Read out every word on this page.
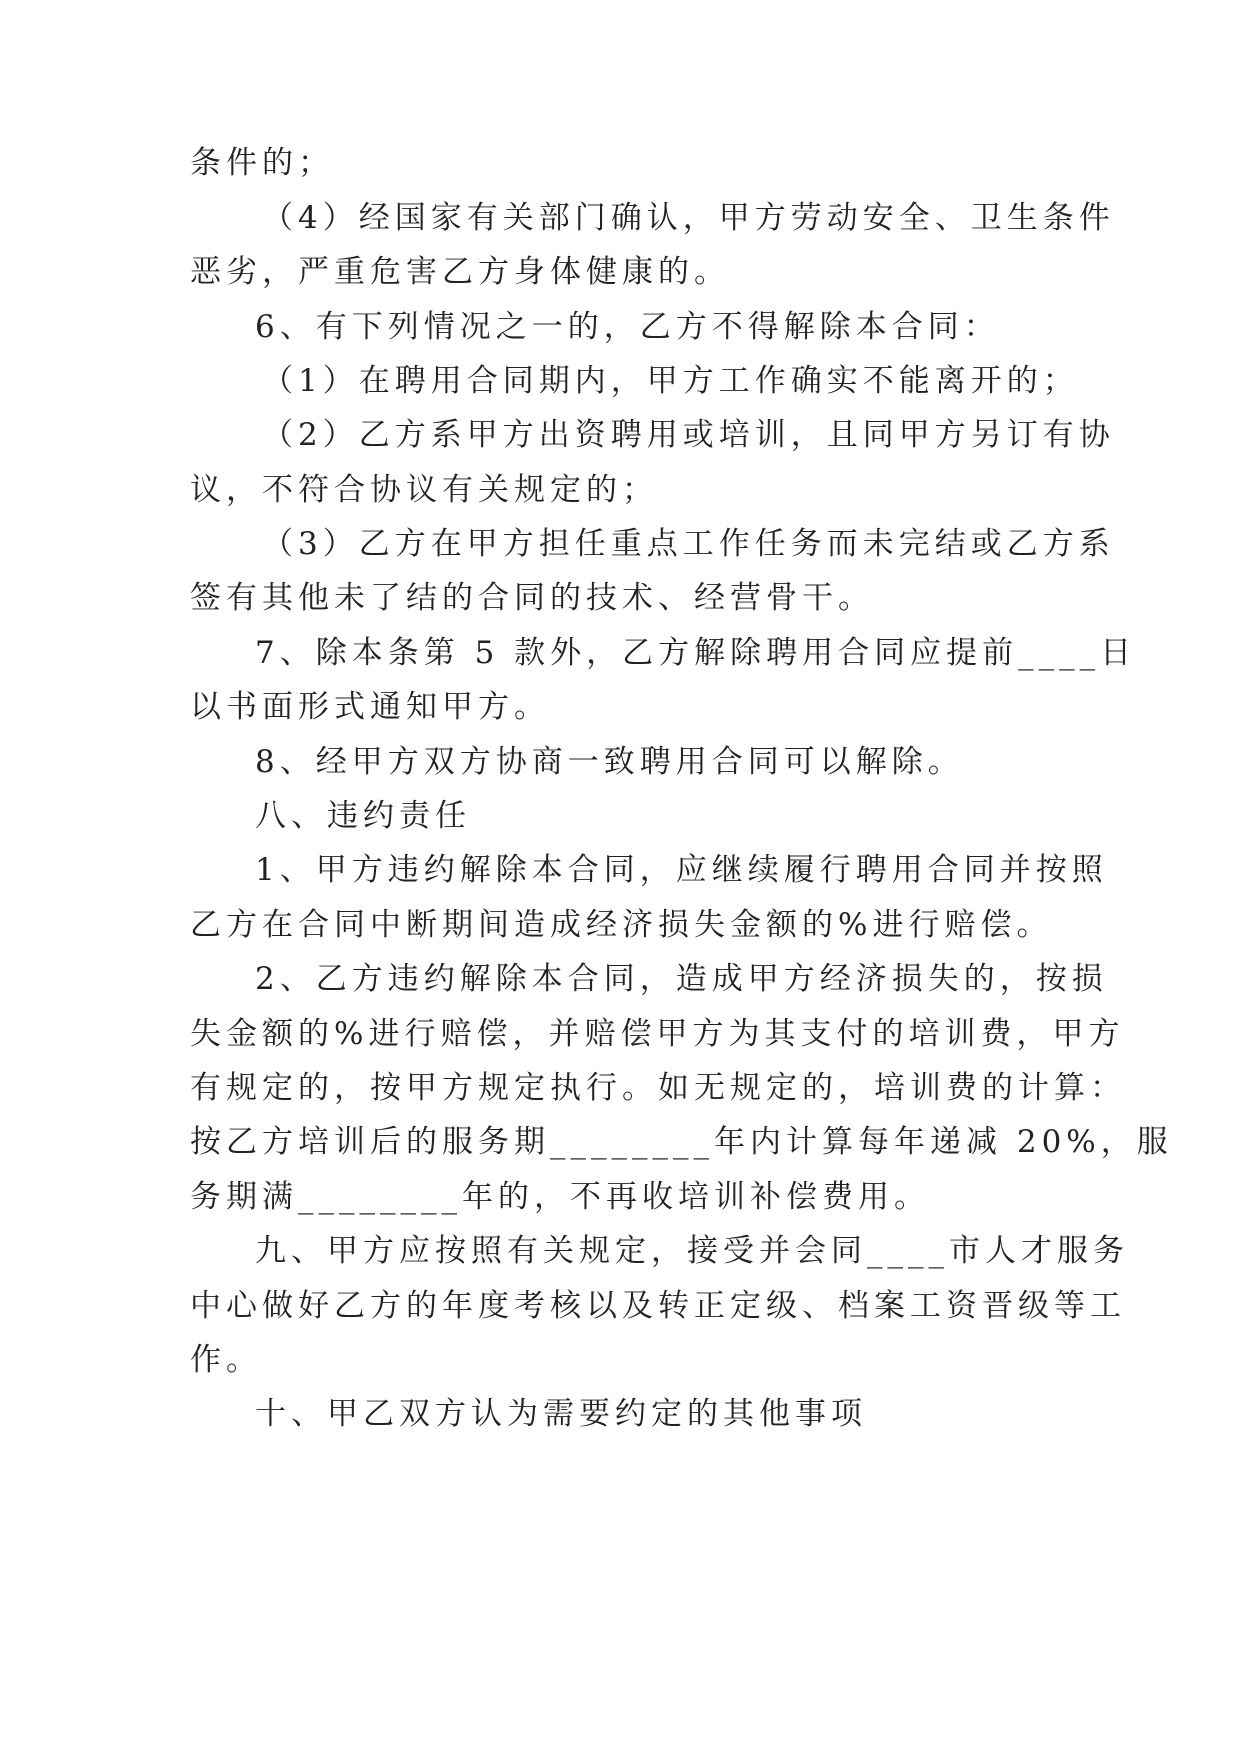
条件的；

（4）经国家有关部门确认，甲方劳动安全、卫生条件

恶劣，严重危害乙方身体健康的。

6、有下列情况之一的，乙方不得解除本合同：

（1）在聘用合同期内，甲方工作确实不能离开的；

（2）乙方系甲方出资聘用或培训，且同甲方另订有协

议，不符合协议有关规定的；

（3）乙方在甲方担任重点工作任务而未完结或乙方系

签有其他未了结的合同的技术、经营骨干。

7、除本条第 5 款外，乙方解除聘用合同应提前____日

以书面形式通知甲方。

8、经甲方双方协商一致聘用合同可以解除。

八、违约责任

1、甲方违约解除本合同，应继续履行聘用合同并按照

乙方在合同中断期间造成经济损失金额的%进行赔偿。

2、乙方违约解除本合同，造成甲方经济损失的，按损

失金额的%进行赔偿，并赔偿甲方为其支付的培训费，甲方

有规定的，按甲方规定执行。如无规定的，培训费的计算：

按乙方培训后的服务期________年内计算每年递减 20%，服

务期满________年的，不再收培训补偿费用。

九、甲方应按照有关规定，接受并会同____市人才服务

中心做好乙方的年度考核以及转正定级、档案工资晋级等工

作。

十、甲乙双方认为需要约定的其他事项
